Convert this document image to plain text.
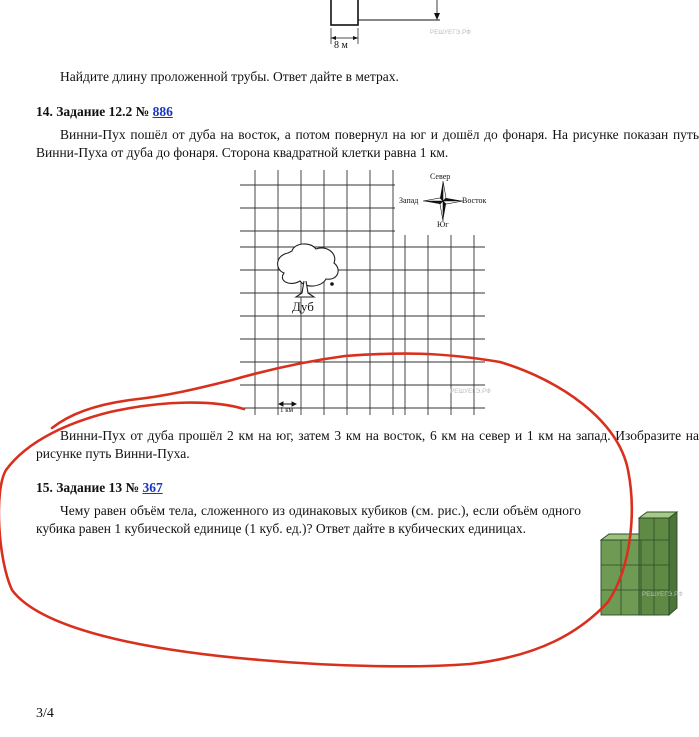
8 м
РЕШУЕГЭ.РФ
Найдите длину проложенной трубы. Ответ дайте в метрах.
14. Задание 12.2 № 886
Винни-Пух пошёл от дуба на восток, а потом повернул на юг и дошёл до фонаря. На рисунке показан путь Винни-Пуха от дуба до фонаря. Сторона квадратной клетки равна 1 км.
Север
Запад	Восток
Юг
Дуб
1 км
РЕШУЕГЭ.РФ
Винни-Пух от дуба прошёл 2 км на юг, затем 3 км на восток, 6 км на север и 1 км на запад. Изобразите на рисунке путь Винни-Пуха.
15. Задание 13 № 367
Чему равен объём тела, сложенного из одинаковых кубиков (см. рис.), если объём одного кубика равен 1 кубической единице (1 куб. ед.)? Ответ дайте в кубических единицах.
РЕШУЕГЭ.РФ
3/4
